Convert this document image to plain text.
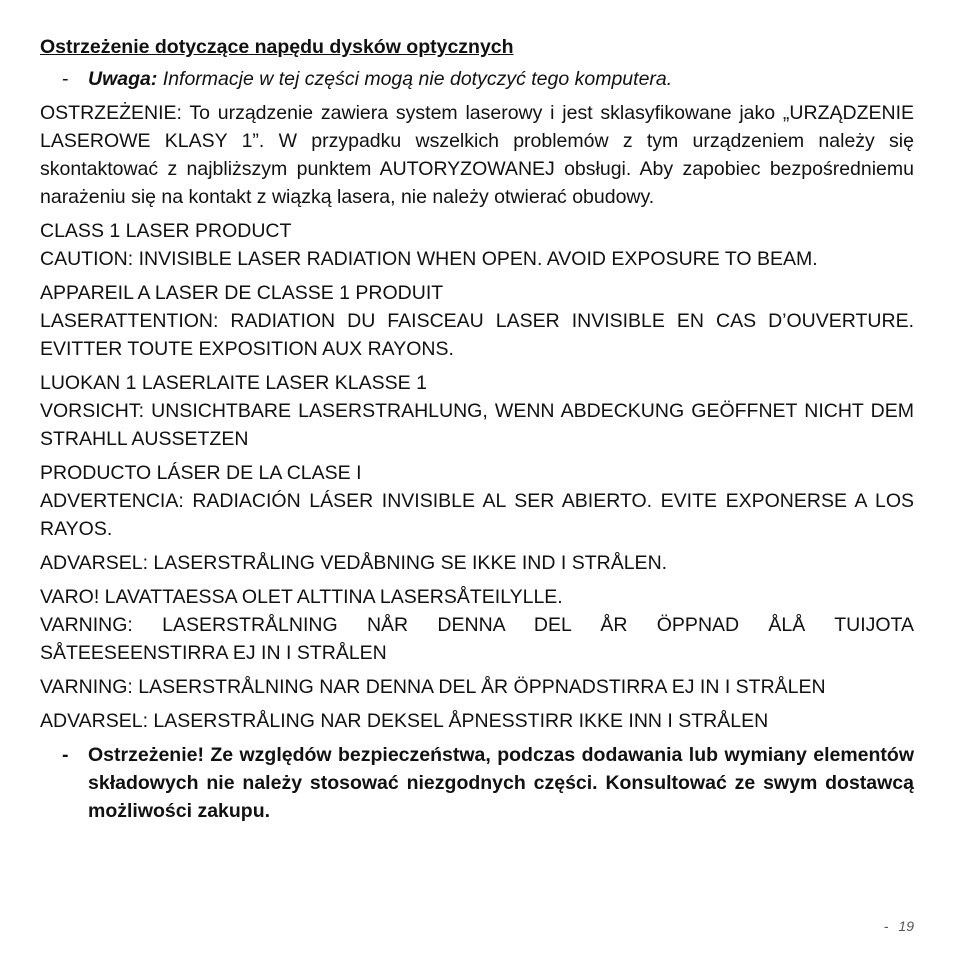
Ostrzeżenie dotyczące napędu dysków optycznych
- Uwaga: Informacje w tej części mogą nie dotyczyć tego komputera.

OSTRZEŻENIE: To urządzenie zawiera system laserowy i jest sklasyfikowane jako „URZĄDZENIE LASEROWE KLASY 1”. W przypadku wszelkich problemów z tym urządzeniem należy się skontaktować z najbliższym punktem AUTORYZOWANEJ obsługi. Aby zapobiec bezpośredniemu narażeniu się na kontakt z wiązką lasera, nie należy otwierać obudowy.

CLASS 1 LASER PRODUCT

CAUTION: INVISIBLE LASER RADIATION WHEN OPEN. AVOID EXPOSURE TO BEAM.

APPAREIL A LASER DE CLASSE 1 PRODUIT

LASERATTENTION: RADIATION DU FAISCEAU LASER INVISIBLE EN CAS D’OUVERTURE. EVITTER TOUTE EXPOSITION AUX RAYONS.

LUOKAN 1 LASERLAITE LASER KLASSE 1

VORSICHT: UNSICHTBARE LASERSTRAHLUNG, WENN ABDECKUNG GEÖFFNET NICHT DEM STRAHLL AUSSETZEN

PRODUCTO LÁSER DE LA CLASE I

ADVERTENCIA: RADIACIÓN LÁSER INVISIBLE AL SER ABIERTO. EVITE EXPONERSE A LOS RAYOS.

ADVARSEL: LASERSTRÅLING VEDÅBNING SE IKKE IND I STRÅLEN.

VARO! LAVATTAESSA OLET ALTTINA LASERSÅTEILYLLE.

VARNING: LASERSTRÅLNING NÅR DENNA DEL ÅR ÖPPNAD ÅLÅ TUIJOTA SÅTEESEENSTIRRA EJ IN I STRÅLEN

VARNING: LASERSTRÅLNING NAR DENNA DEL ÅR ÖPPNADSTIRRA EJ IN I STRÅLEN

ADVARSEL: LASERSTRÅLING NAR DEKSEL ÅPNESSTIRR IKKE INN I STRÅLEN

- Ostrzeżenie! Ze względów bezpieczeństwa, podczas dodawania lub wymiany elementów składowych nie należy stosować niezgodnych części. Konsultować ze swym dostawcą możliwości zakupu.
- 19
